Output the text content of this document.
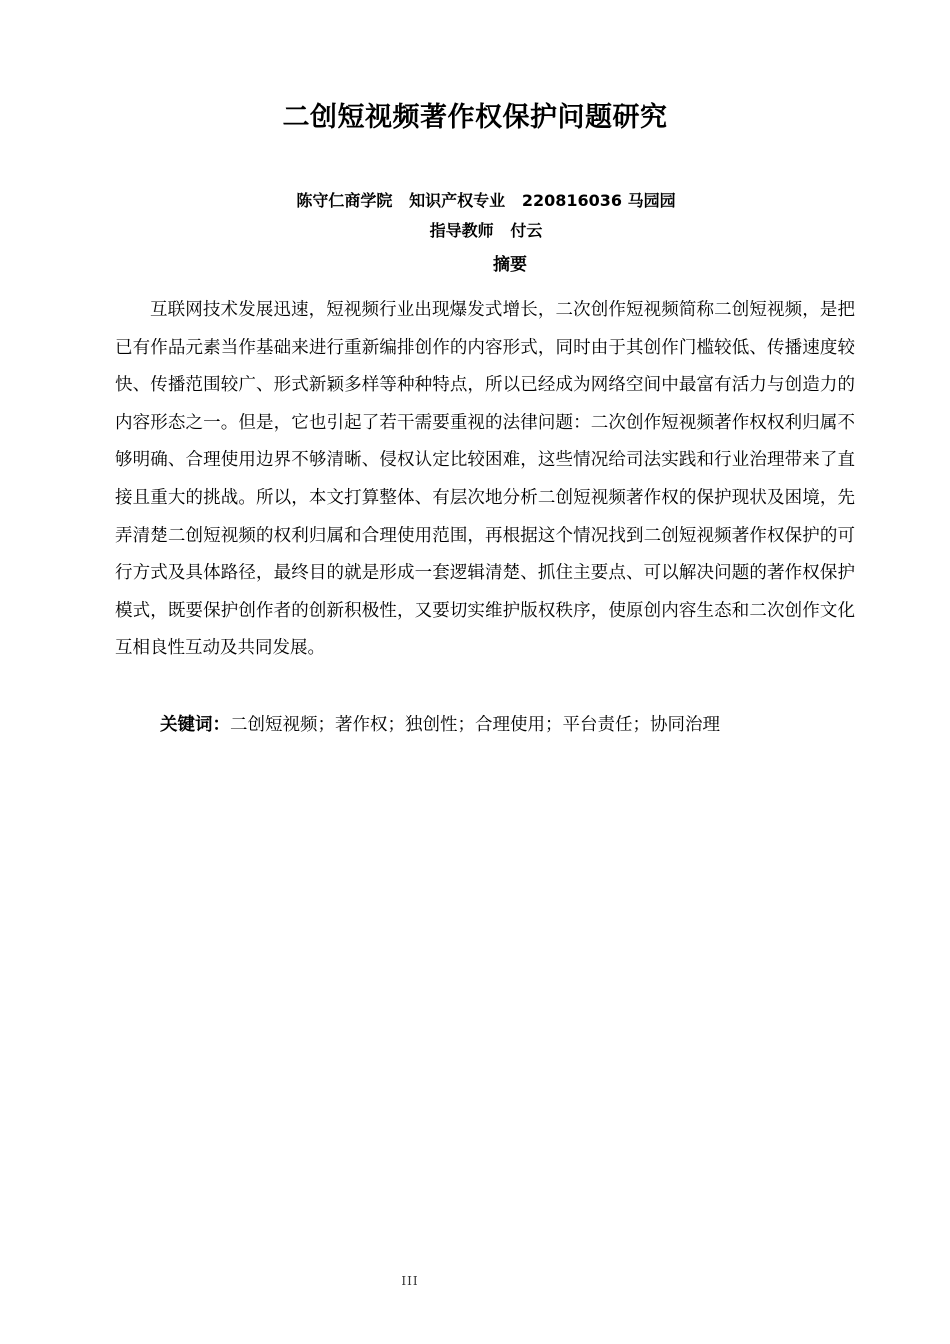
二创短视频著作权保护问题研究
陈守仁商学院   知识产权专业   220816036 马园园
指导教师   付云
摘要

互联网技术发展迅速，短视频行业出现爆发式增长，二次创作短视频简称二创短视频，是把已有作品元素当作基础来进行重新编排创作的内容形式，同时由于其创作门槛较低、传播速度较快、传播范围较广、形式新颖多样等种种特点，所以已经成为网络空间中最富有活力与创造力的内容形态之一。但是，它也引起了若干需要重视的法律问题：二次创作短视频著作权权利归属不够明确、合理使用边界不够清晰、侵权认定比较困难，这些情况给司法实践和行业治理带来了直接且重大的挑战。所以，本文打算整体、有层次地分析二创短视频著作权的保护现状及困境，先弄清楚二创短视频的权利归属和合理使用范围，再根据这个情况找到二创短视频著作权保护的可行方式及具体路径，最终目的就是形成一套逻辑清楚、抓住主要点、可以解决问题的著作权保护模式，既要保护创作者的创新积极性，又要切实维护版权秩序，使原创内容生态和二次创作文化互相良性互动及共同发展。

关键词：二创短视频；著作权；独创性；合理使用；平台责任；协同治理
III
